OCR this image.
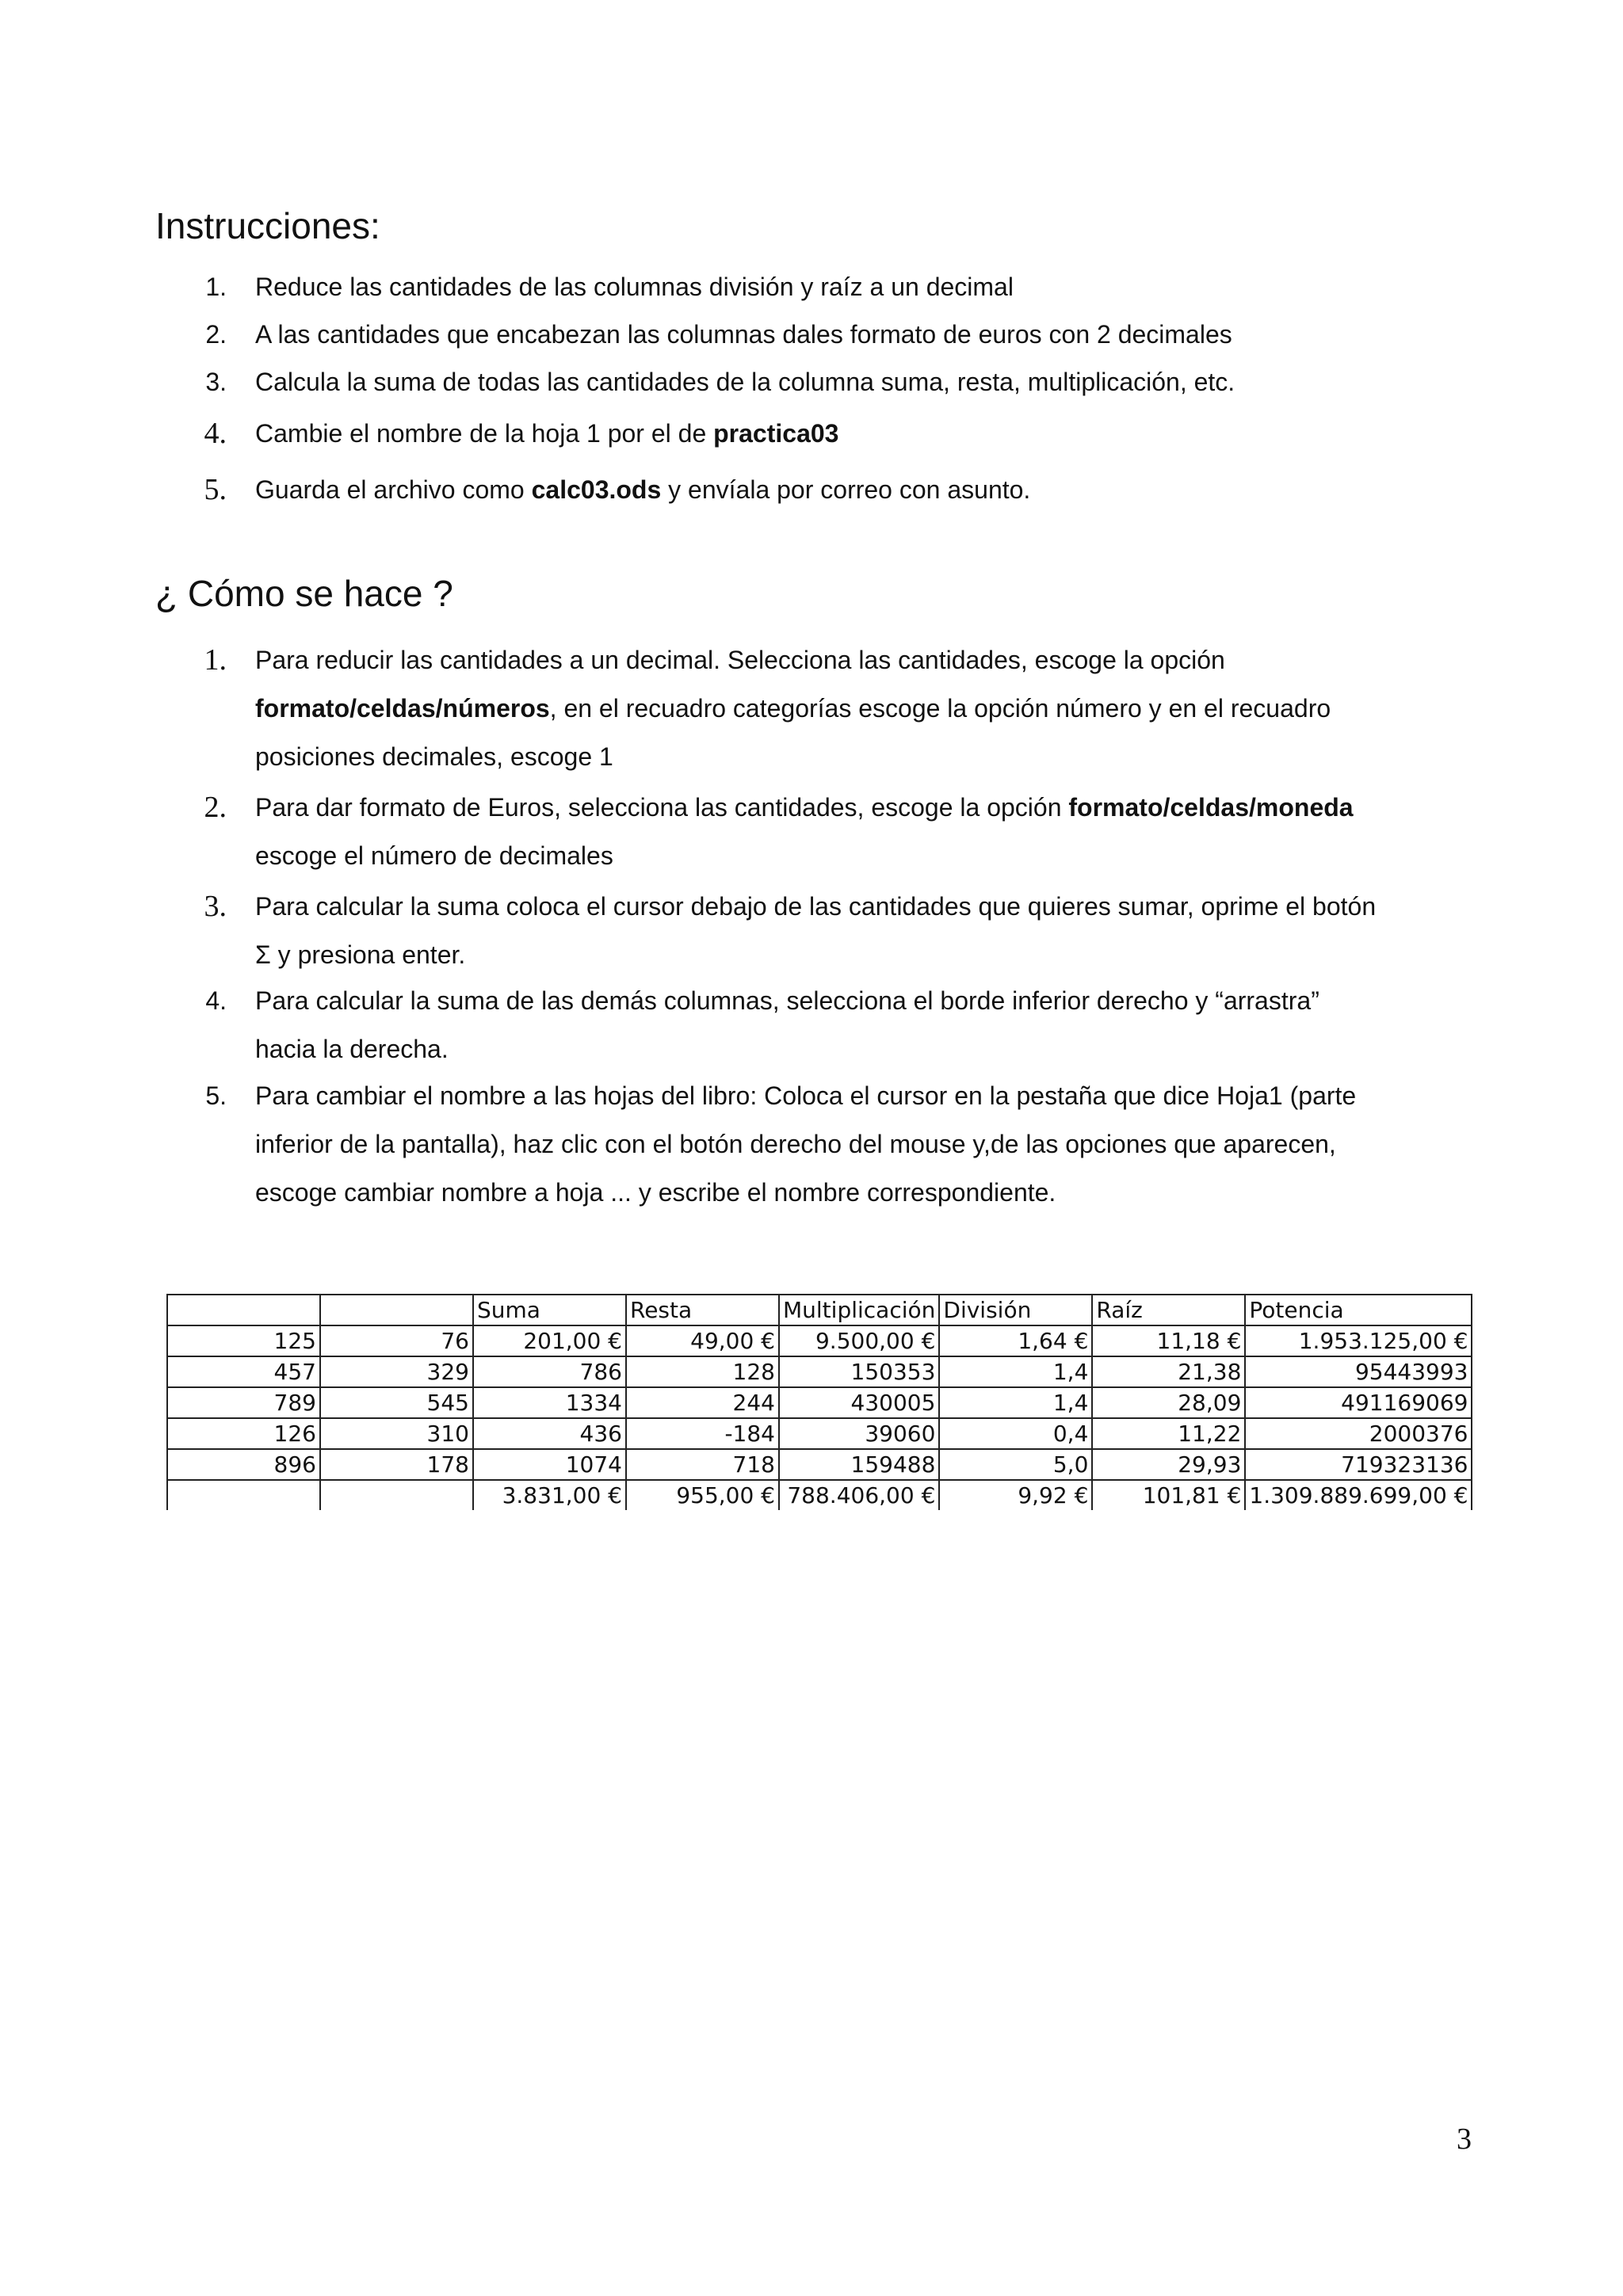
Instrucciones:
1. Reduce las cantidades de las columnas división y raíz a un decimal
2. A las cantidades que encabezan las columnas dales formato de euros con 2 decimales
3. Calcula la suma de todas las cantidades de la columna suma, resta, multiplicación, etc.
4. Cambie el nombre de la hoja 1 por el de practica03
5. Guarda el archivo como calc03.ods y envíala por correo con asunto.
¿ Cómo se hace ?
1. Para reducir las cantidades a un decimal. Selecciona las cantidades, escoge la opción
formato/celdas/números, en el recuadro categorías escoge la opción número y en el recuadro
posiciones decimales, escoge 1
2. Para dar formato de Euros, selecciona las cantidades, escoge la opción formato/celdas/moneda
escoge el número de decimales
3. Para calcular la suma coloca el cursor debajo de las cantidades que quieres sumar, oprime el botón
Σ y presiona enter.
4. Para calcular la suma de las demás columnas, selecciona el borde inferior derecho y “arrastra”
hacia la derecha.
5. Para cambiar el nombre a las hojas del libro: Coloca el cursor en la pestaña que dice Hoja1 (parte
inferior de la pantalla), haz clic con el botón derecho del mouse y,de las opciones que aparecen,
escoge cambiar nombre a hoja ... y escribe el nombre correspondiente.
		Suma	Resta	Multiplicación	División	Raíz	Potencia
125	76	201,00 €	49,00 €	9.500,00 €	1,64 €	11,18 €	1.953.125,00 €
457	329	786	128	150353	1,4	21,38	95443993
789	545	1334	244	430005	1,4	28,09	491169069
126	310	436	-184	39060	0,4	11,22	2000376
896	178	1074	718	159488	5,0	29,93	719323136
		3.831,00 €	955,00 €	788.406,00 €	9,92 €	101,81 €	1.309.889.699,00 €
3
